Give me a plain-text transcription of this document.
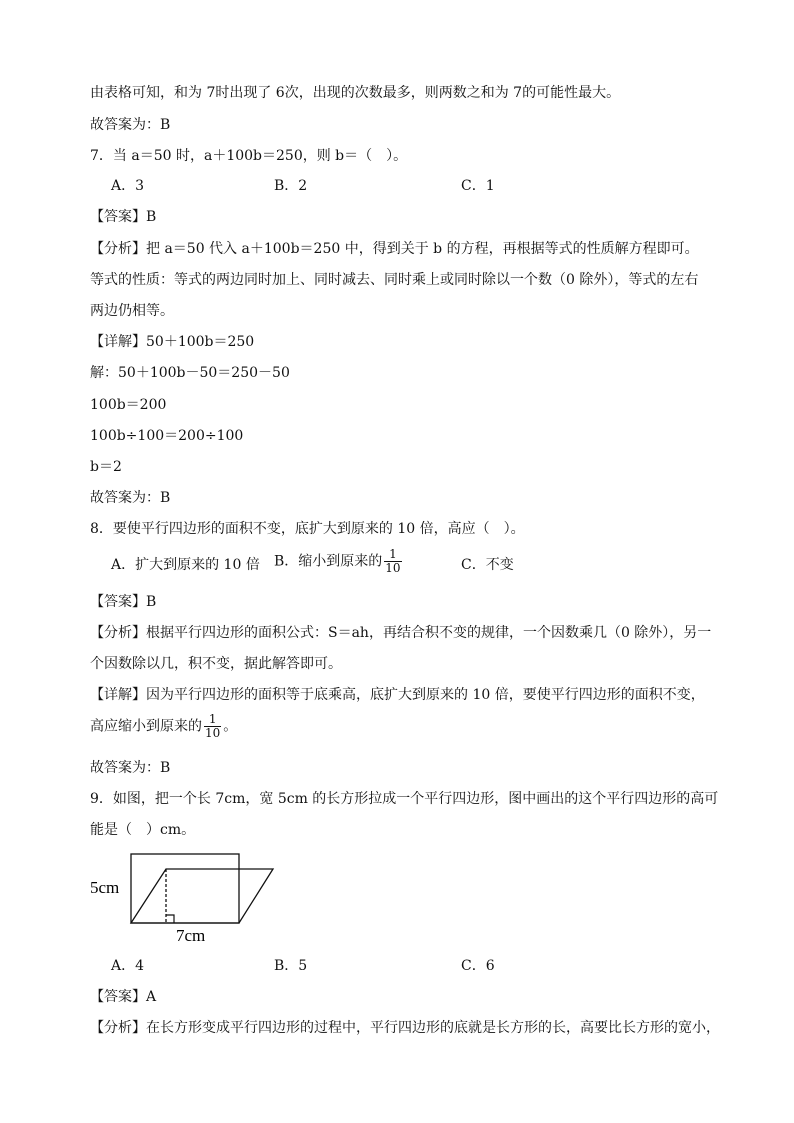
由表格可知，和为 7时出现了 6次，出现的次数最多，则两数之和为 7的可能性最大。
故答案为：B
7．当 a＝50 时，a＋100b＝250，则 b＝（　）。
A．3	B．2	C．1
【答案】B
【分析】把 a＝50 代入 a＋100b＝250 中，得到关于 b 的方程，再根据等式的性质解方程即可。
等式的性质：等式的两边同时加上、同时减去、同时乘上或同时除以一个数（0 除外），等式的左右
两边仍相等。
【详解】50＋100b＝250
解：50＋100b－50＝250－50
100b＝200
100b÷100＝200÷100
b＝2
故答案为：B
8．要使平行四边形的面积不变，底扩大到原来的 10 倍，高应（　）。
A．扩大到原来的 10 倍 B．缩小到原来的 $\frac{1}{10}$	C．不变
【答案】B
【分析】根据平行四边形的面积公式：S＝ah，再结合积不变的规律，一个因数乘几（0 除外），另一
个因数除以几，积不变，据此解答即可。
【详解】因为平行四边形的面积等于底乘高，底扩大到原来的 10 倍，要使平行四边形的面积不变，
高应缩小到原来的 $\frac{1}{10}$ 。
故答案为：B
9．如图，把一个长 7cm，宽 5cm 的长方形拉成一个平行四边形，图中画出的这个平行四边形的高可
能是（　）cm。
5cm
7cm
A．4	B．5	C．6
【答案】A
【分析】在长方形变成平行四边形的过程中，平行四边形的底就是长方形的长，高要比长方形的宽小，
